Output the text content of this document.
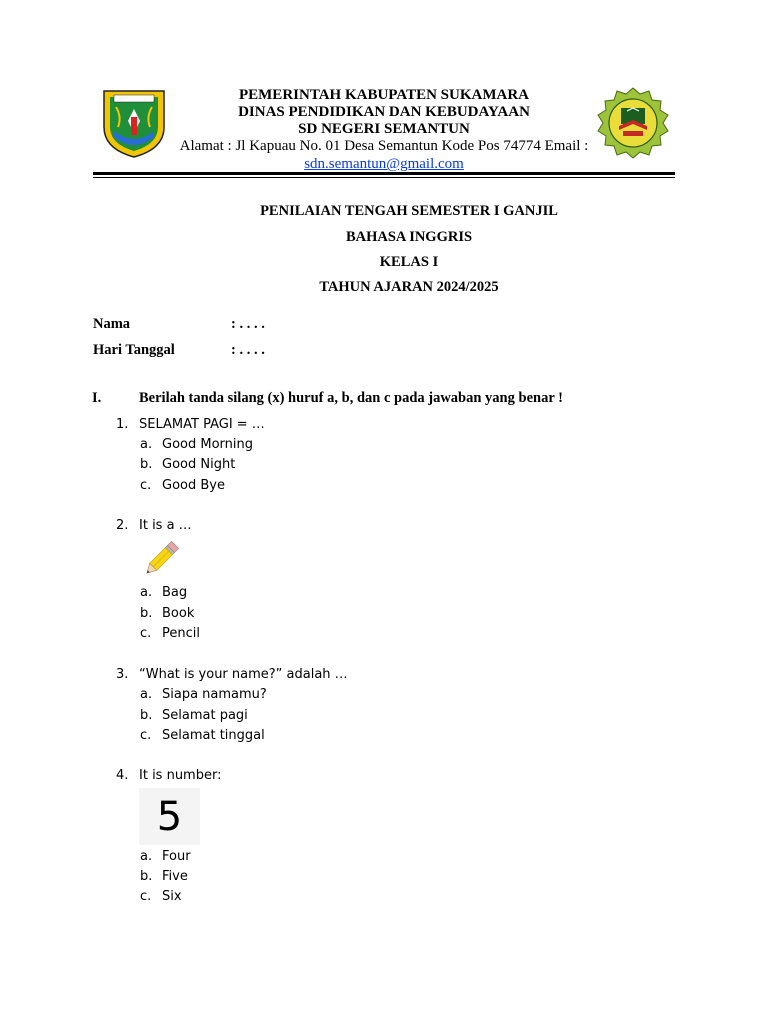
PEMERINTAH KABUPATEN SUKAMARA
DINAS PENDIDIKAN DAN KEBUDAYAAN
SD NEGERI SEMANTUN
Alamat : Jl Kapuau No. 01 Desa Semantun Kode Pos 74774 Email :
sdn.semantun@gmail.com
PENILAIAN TENGAH SEMESTER I GANJIL
BAHASA INGGRIS
KELAS I
TAHUN AJARAN 2024/2025
Nama	: . . . .
Hari Tanggal	: . . . .
I.	Berilah tanda silang (x) huruf a, b, dan c pada jawaban yang benar !
1. SELAMAT PAGI = …
a. Good Morning
b. Good Night
c. Good Bye
2. It is a …
a. Bag
b. Book
c. Pencil
3. “What is your name?” adalah …
a. Siapa namamu?
b. Selamat pagi
c. Selamat tinggal
4. It is number:
5
a. Four
b. Five
c. Six
